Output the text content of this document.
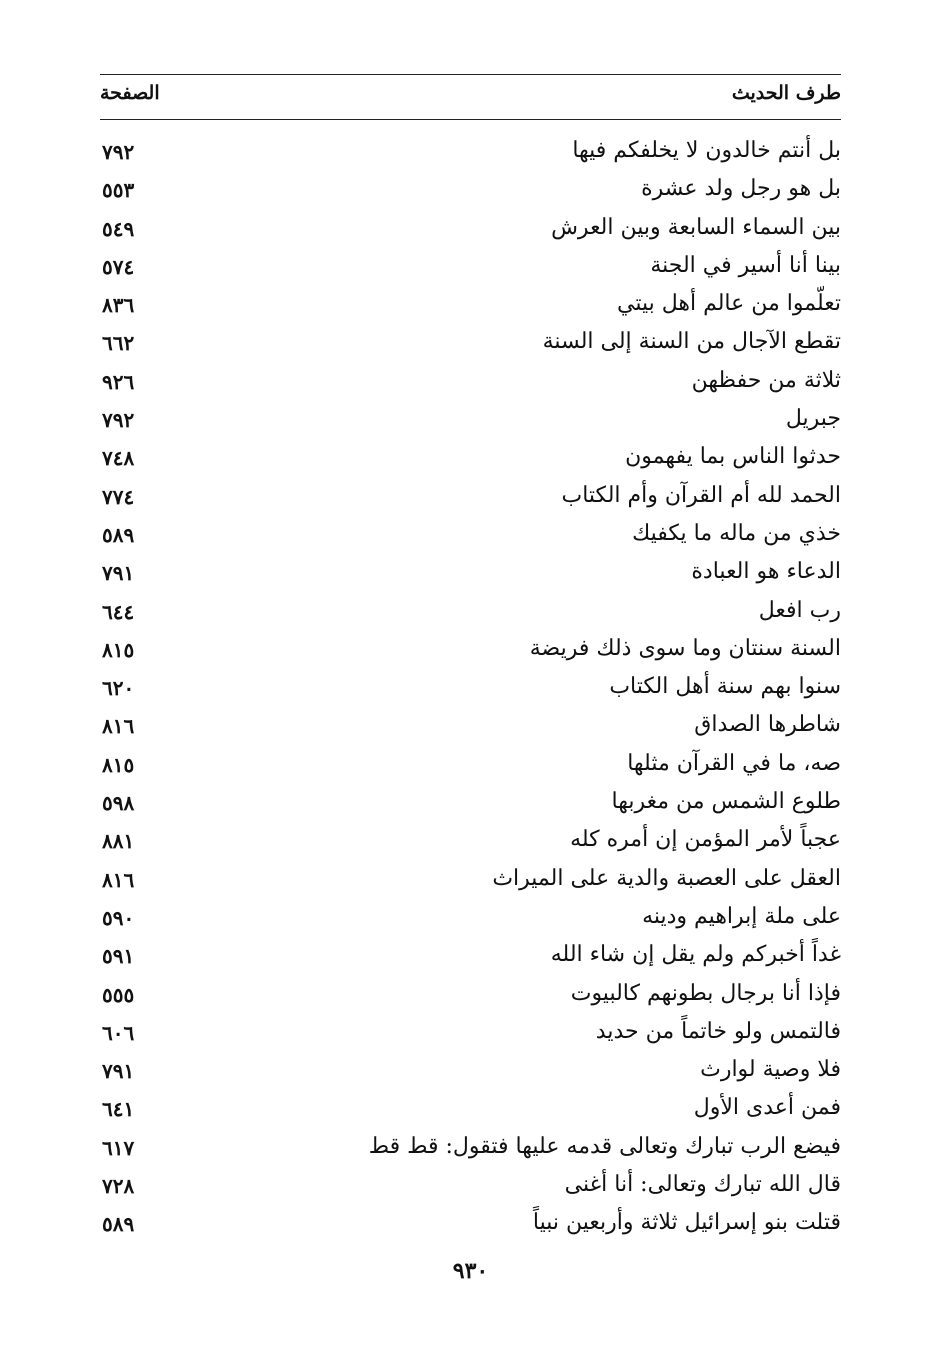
طرف الحديث
الصفحة
بل أنتم خالدون لا يخلفكم فيها
٧٩٢
بل هو رجل ولد عشرة
٥٥٣
بين السماء السابعة وبين العرش
٥٤٩
بينا أنا أسير في الجنة
٥٧٤
تعلّموا من عالم أهل بيتي
٨٣٦
تقطع الآجال من السنة إلى السنة
٦٦٢
ثلاثة من حفظهن
٩٢٦
جبريل
٧٩٢
حدثوا الناس بما يفهمون
٧٤٨
الحمد لله أم القرآن وأم الكتاب
٧٧٤
خذي من ماله ما يكفيك
٥٨٩
الدعاء هو العبادة
٧٩١
رب افعل
٦٤٤
السنة سنتان وما سوى ذلك فريضة
٨١٥
سنوا بهم سنة أهل الكتاب
٦٢٠
شاطرها الصداق
٨١٦
صه، ما في القرآن مثلها
٨١٥
طلوع الشمس من مغربها
٥٩٨
عجباً لأمر المؤمن إن أمره كله
٨٨١
العقل على العصبة والدية على الميراث
٨١٦
على ملة إبراهيم ودينه
٥٩٠
غداً أخبركم ولم يقل إن شاء الله
٥٩١
فإذا أنا برجال بطونهم كالبيوت
٥٥٥
فالتمس ولو خاتماً من حديد
٦٠٦
فلا وصية لوارث
٧٩١
فمن أعدى الأول
٦٤١
فيضع الرب تبارك وتعالى قدمه عليها فتقول: قط قط
٦١٧
قال الله تبارك وتعالى: أنا أغنى
٧٢٨
قتلت بنو إسرائيل ثلاثة وأربعين نبياً
٥٨٩
٩٣٠
